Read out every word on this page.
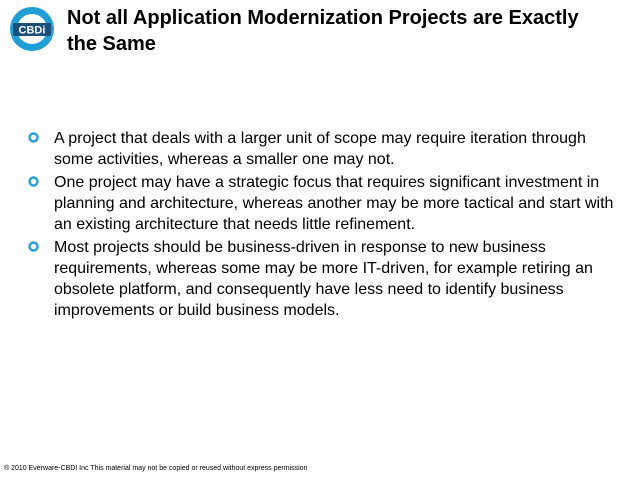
CBDi
Not all Application Modernization Projects are Exactly
the Same
A project that deals with a larger unit of scope may require iteration through some activities, whereas a smaller one may not.
One project may have a strategic focus that requires significant investment in planning and architecture, whereas another may be more tactical and start with an existing architecture that needs little refinement.
Most projects should be business-driven in response to new business requirements, whereas some may be more IT-driven, for example retiring an obsolete platform, and consequently have less need to identify business improvements or build business models.
® 2010 Everware-CBDI Inc This material may not be copied or reused without express permission
